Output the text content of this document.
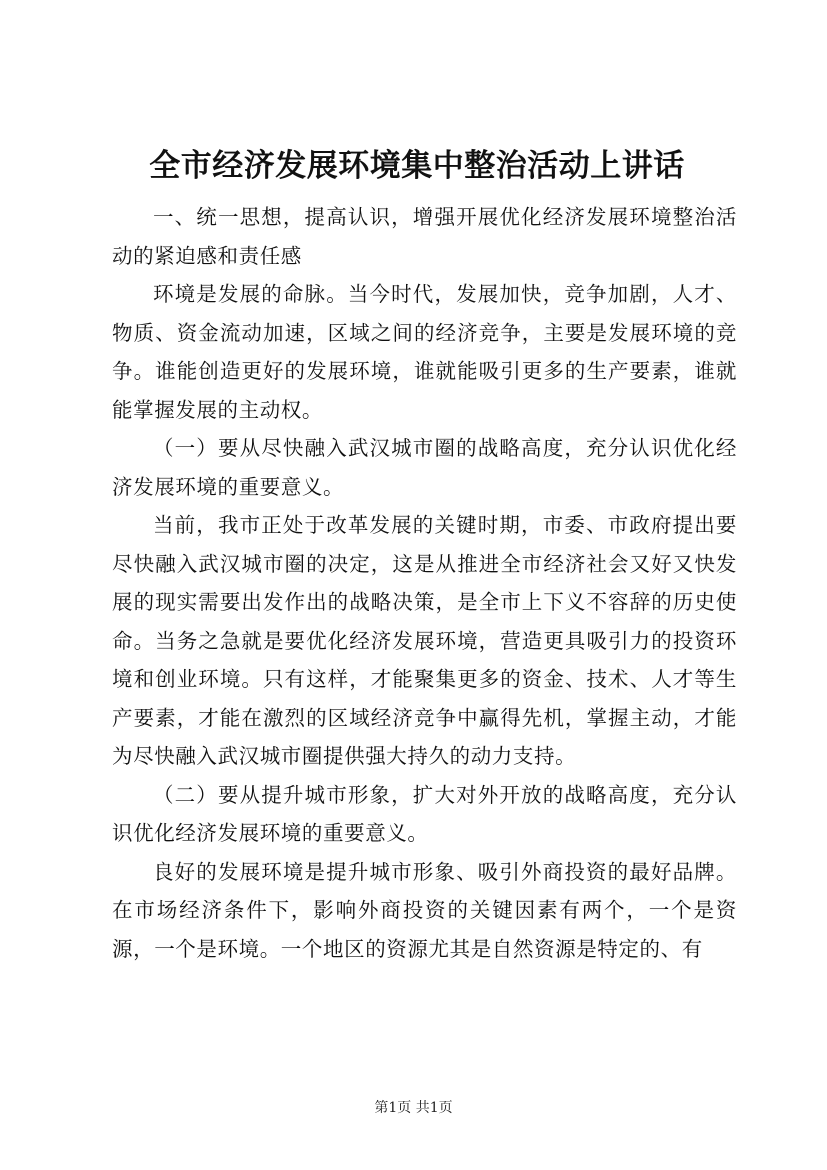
全市经济发展环境集中整治活动上讲话

一、统一思想，提高认识，增强开展优化经济发展环境整治活动的紧迫感和责任感

环境是发展的命脉。当今时代，发展加快，竞争加剧，人才、物质、资金流动加速，区域之间的经济竞争，主要是发展环境的竞争。谁能创造更好的发展环境，谁就能吸引更多的生产要素，谁就能掌握发展的主动权。

（一）要从尽快融入武汉城市圈的战略高度，充分认识优化经济发展环境的重要意义。

当前，我市正处于改革发展的关键时期，市委、市政府提出要尽快融入武汉城市圈的决定，这是从推进全市经济社会又好又快发展的现实需要出发作出的战略决策，是全市上下义不容辞的历史使命。当务之急就是要优化经济发展环境，营造更具吸引力的投资环境和创业环境。只有这样，才能聚集更多的资金、技术、人才等生产要素，才能在激烈的区域经济竞争中赢得先机，掌握主动，才能为尽快融入武汉城市圈提供强大持久的动力支持。

（二）要从提升城市形象，扩大对外开放的战略高度，充分认识优化经济发展环境的重要意义。

良好的发展环境是提升城市形象、吸引外商投资的最好品牌。在市场经济条件下，影响外商投资的关键因素有两个，一个是资源，一个是环境。一个地区的资源尤其是自然资源是特定的、有

第1页 共1页
